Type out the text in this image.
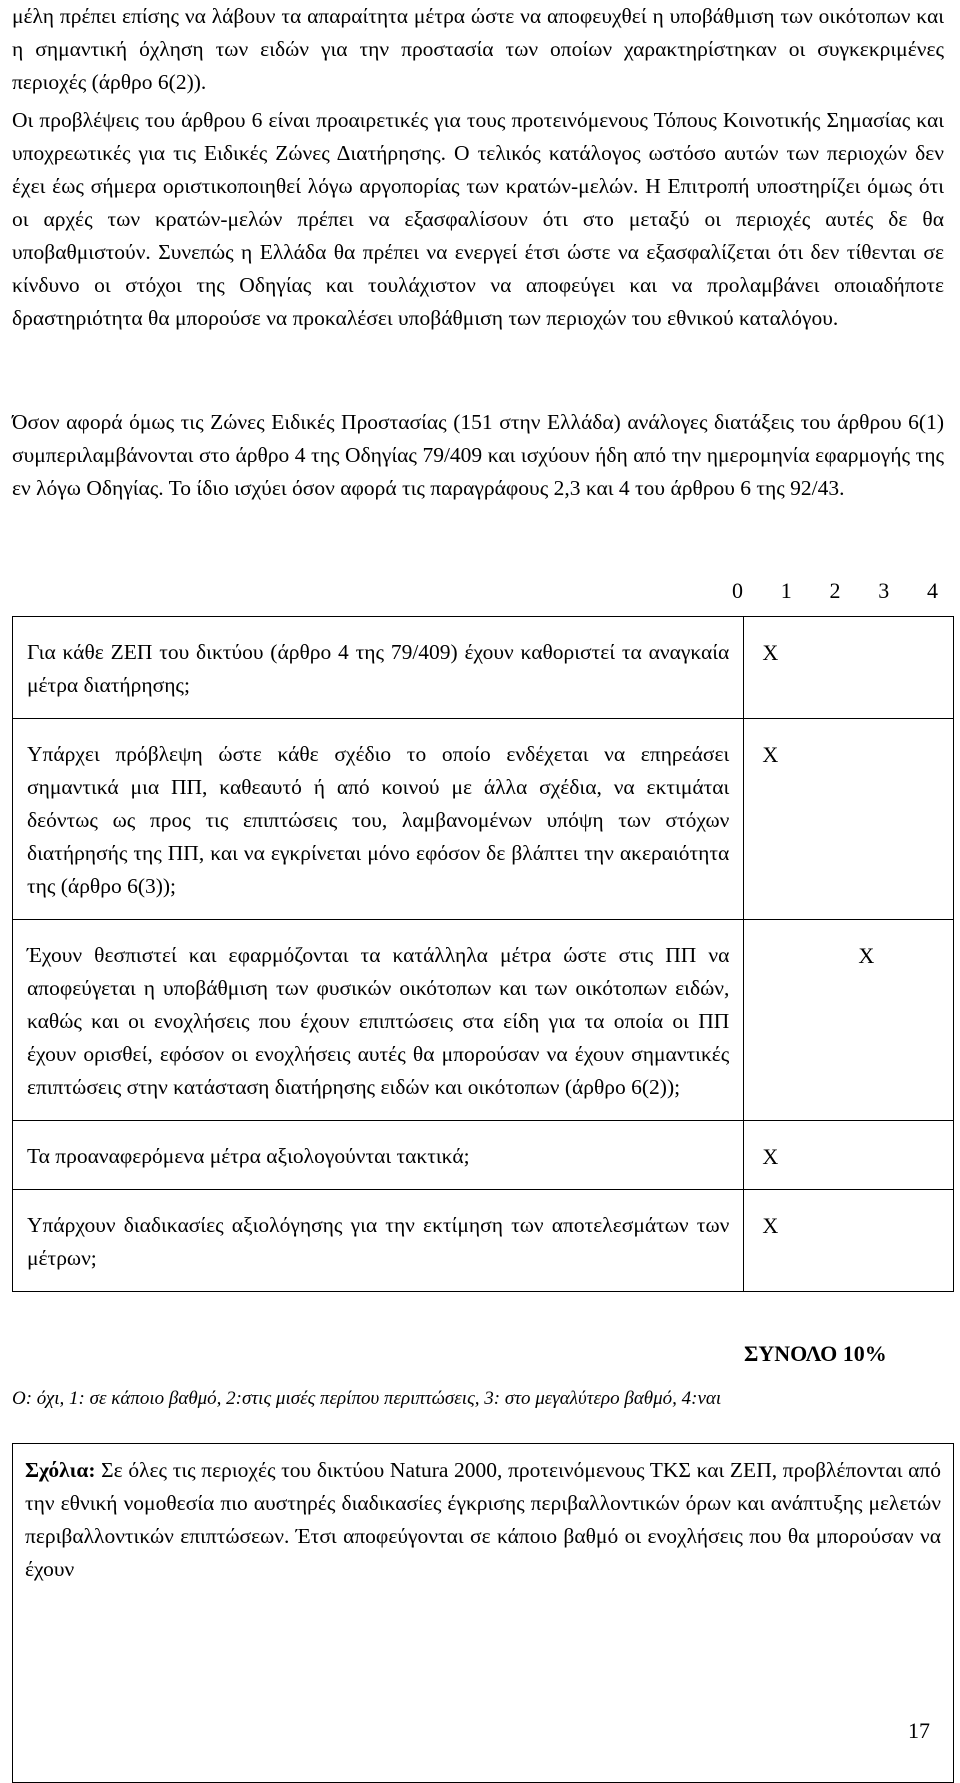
μέλη πρέπει επίσης να λάβουν τα απαραίτητα μέτρα ώστε να αποφευχθεί η υποβάθμιση των οικότοπων και η σημαντική όχληση των ειδών για την προστασία των οποίων χαρακτηρίστηκαν οι συγκεκριμένες περιοχές (άρθρο 6(2)).

Οι προβλέψεις του άρθρου 6 είναι προαιρετικές για τους προτεινόμενους Τόπους Κοινοτικής Σημασίας και υποχρεωτικές για τις Ειδικές Ζώνες Διατήρησης. Ο τελικός κατάλογος ωστόσο αυτών των περιοχών δεν έχει έως σήμερα οριστικοποιηθεί λόγω αργοπορίας των κρατών-μελών. Η Επιτροπή υποστηρίζει όμως ότι οι αρχές των κρατών-μελών πρέπει να εξασφαλίσουν ότι στο μεταξύ οι περιοχές αυτές δε θα υποβαθμιστούν. Συνεπώς η Ελλάδα θα πρέπει να ενεργεί έτσι ώστε να εξασφαλίζεται ότι δεν τίθενται σε κίνδυνο οι στόχοι της Οδηγίας και τουλάχιστον να αποφεύγει και να προλαμβάνει οποιαδήποτε δραστηριότητα θα μπορούσε να προκαλέσει υποβάθμιση των περιοχών του εθνικού καταλόγου.

Όσον αφορά όμως τις Ζώνες Ειδικές Προστασίας (151 στην Ελλάδα) ανάλογες διατάξεις του άρθρου 6(1) συμπεριλαμβάνονται στο άρθρο 4 της Οδηγίας 79/409 και ισχύουν ήδη από την ημερομηνία εφαρμογής της εν λόγω Οδηγίας. Το ίδιο ισχύει όσον αφορά τις παραγράφους 2,3 και 4 του άρθρου 6 της 92/43.

0 1 2 3 4
Για κάθε ΖΕΠ του δικτύου (άρθρο 4 της 79/409) έχουν καθοριστεί τα αναγκαία μέτρα διατήρησης;	X

Υπάρχει πρόβλεψη ώστε κάθε σχέδιο το οποίο ενδέχεται να επηρεάσει σημαντικά μια ΠΠ, καθεαυτό ή από κοινού με άλλα σχέδια, να εκτιμάται δεόντως ως προς τις επιπτώσεις του, λαμβανομένων υπόψη των στόχων διατήρησής της ΠΠ, και να εγκρίνεται μόνο εφόσον δε βλάπτει την ακεραιότητα της (άρθρο 6(3));	X

Έχουν θεσπιστεί και εφαρμόζονται τα κατάλληλα μέτρα ώστε στις ΠΠ να αποφεύγεται η υποβάθμιση των φυσικών οικότοπων και των οικότοπων ειδών, καθώς και οι ενοχλήσεις που έχουν επιπτώσεις στα είδη για τα οποία οι ΠΠ έχουν ορισθεί, εφόσον οι ενοχλήσεις αυτές θα μπορούσαν να έχουν σημαντικές επιπτώσεις στην κατάσταση διατήρησης ειδών και οικότοπων (άρθρο 6(2));	X

Τα προαναφερόμενα μέτρα αξιολογούνται τακτικά;	X

Υπάρχουν διαδικασίες αξιολόγησης για την εκτίμηση των αποτελεσμάτων των μέτρων;	X
ΣΥΝΟΛΟ 10%
Ο: όχι, 1: σε κάποιο βαθμό, 2:στις μισές περίπου περιπτώσεις, 3: στο μεγαλύτερο βαθμό, 4:ναι
Σχόλια: Σε όλες τις περιοχές του δικτύου Natura 2000, προτεινόμενους ΤΚΣ και ΖΕΠ, προβλέπονται από την εθνική νομοθεσία πιο αυστηρές διαδικασίες έγκρισης περιβαλλοντικών όρων και ανάπτυξης μελετών περιβαλλοντικών επιπτώσεων. Έτσι αποφεύγονται σε κάποιο βαθμό οι ενοχλήσεις που θα μπορούσαν να έχουν
17
